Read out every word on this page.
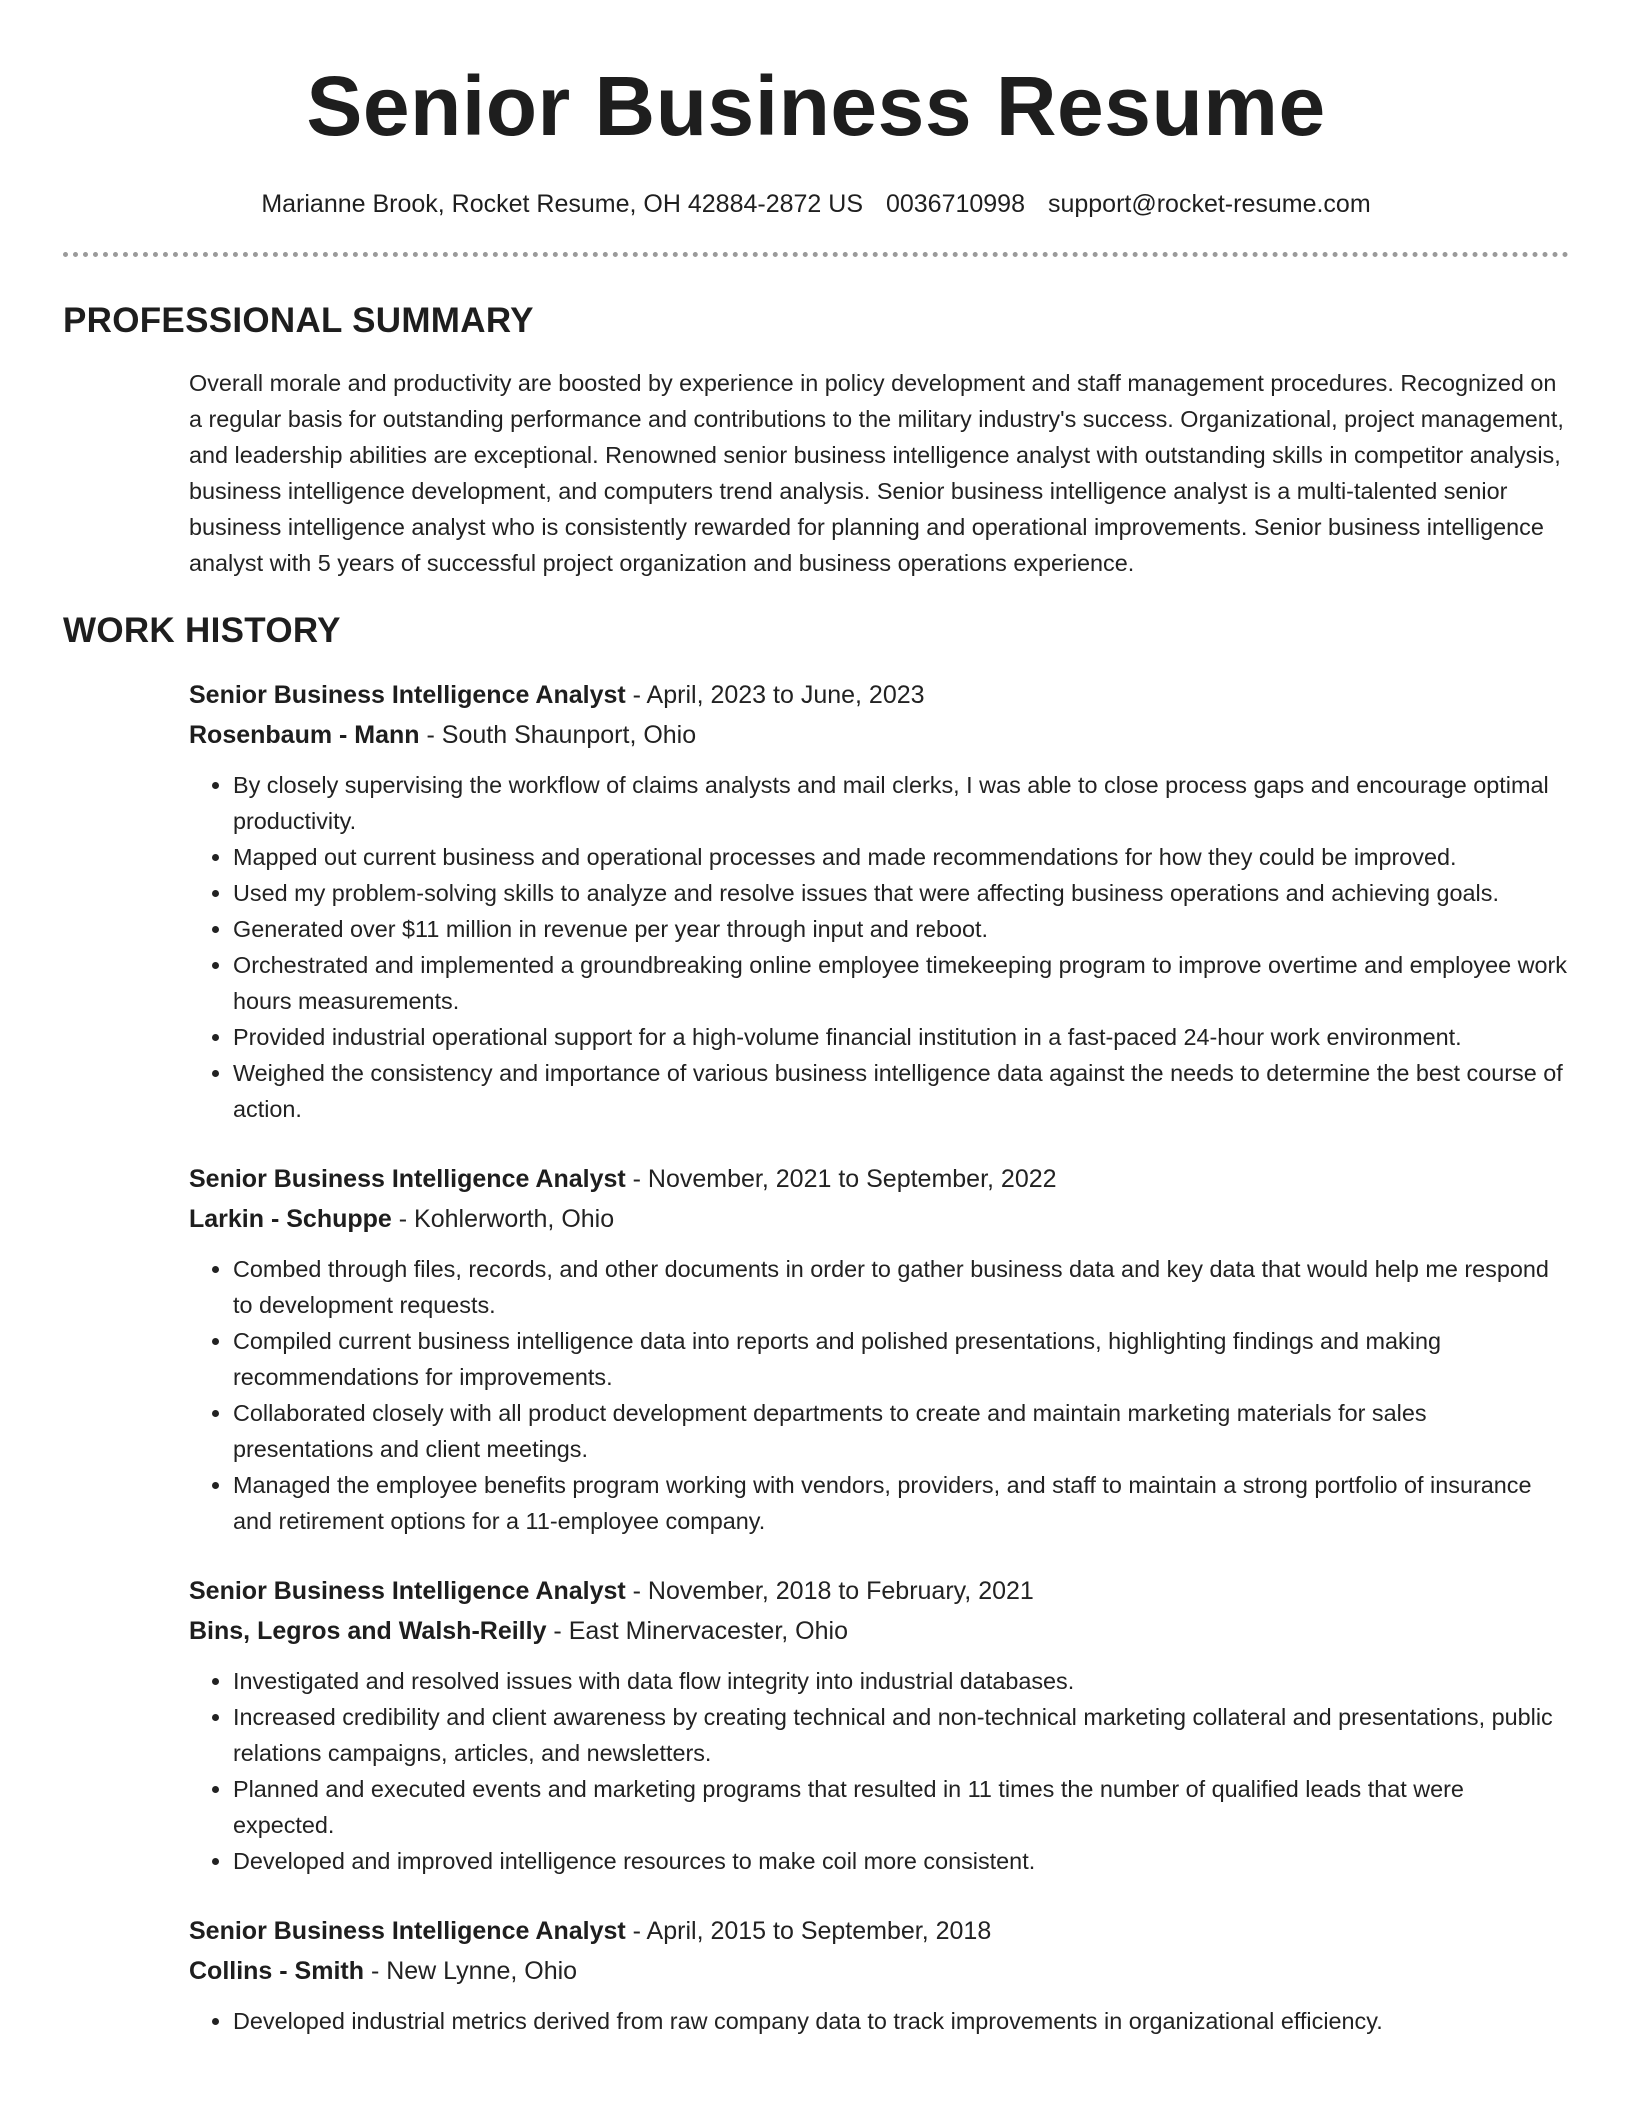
Senior Business Resume
Marianne Brook, Rocket Resume, OH 42884-2872 US 0036710998 support@rocket-resume.com
PROFESSIONAL SUMMARY

Overall morale and productivity are boosted by experience in policy development and staff management procedures. Recognized on a regular basis for outstanding performance and contributions to the military industry's success. Organizational, project management, and leadership abilities are exceptional. Renowned senior business intelligence analyst with outstanding skills in competitor analysis, business intelligence development, and computers trend analysis. Senior business intelligence analyst is a multi-talented senior business intelligence analyst who is consistently rewarded for planning and operational improvements. Senior business intelligence analyst with 5 years of successful project organization and business operations experience.

WORK HISTORY
Senior Business Intelligence Analyst - April, 2023 to June, 2023
Rosenbaum - Mann - South Shaunport, Ohio
• By closely supervising the workflow of claims analysts and mail clerks, I was able to close process gaps and encourage optimal productivity.
• Mapped out current business and operational processes and made recommendations for how they could be improved.
• Used my problem-solving skills to analyze and resolve issues that were affecting business operations and achieving goals.
• Generated over $11 million in revenue per year through input and reboot.
• Orchestrated and implemented a groundbreaking online employee timekeeping program to improve overtime and employee work hours measurements.
• Provided industrial operational support for a high-volume financial institution in a fast-paced 24-hour work environment.
• Weighed the consistency and importance of various business intelligence data against the needs to determine the best course of action.
Senior Business Intelligence Analyst - November, 2021 to September, 2022
Larkin - Schuppe - Kohlerworth, Ohio
• Combed through files, records, and other documents in order to gather business data and key data that would help me respond to development requests.
• Compiled current business intelligence data into reports and polished presentations, highlighting findings and making recommendations for improvements.
• Collaborated closely with all product development departments to create and maintain marketing materials for sales presentations and client meetings.
• Managed the employee benefits program working with vendors, providers, and staff to maintain a strong portfolio of insurance and retirement options for a 11-employee company.
Senior Business Intelligence Analyst - November, 2018 to February, 2021
Bins, Legros and Walsh-Reilly - East Minervacester, Ohio
• Investigated and resolved issues with data flow integrity into industrial databases.
• Increased credibility and client awareness by creating technical and non-technical marketing collateral and presentations, public relations campaigns, articles, and newsletters.
• Planned and executed events and marketing programs that resulted in 11 times the number of qualified leads that were expected.
• Developed and improved intelligence resources to make coil more consistent.
Senior Business Intelligence Analyst - April, 2015 to September, 2018
Collins - Smith - New Lynne, Ohio
• Developed industrial metrics derived from raw company data to track improvements in organizational efficiency.
